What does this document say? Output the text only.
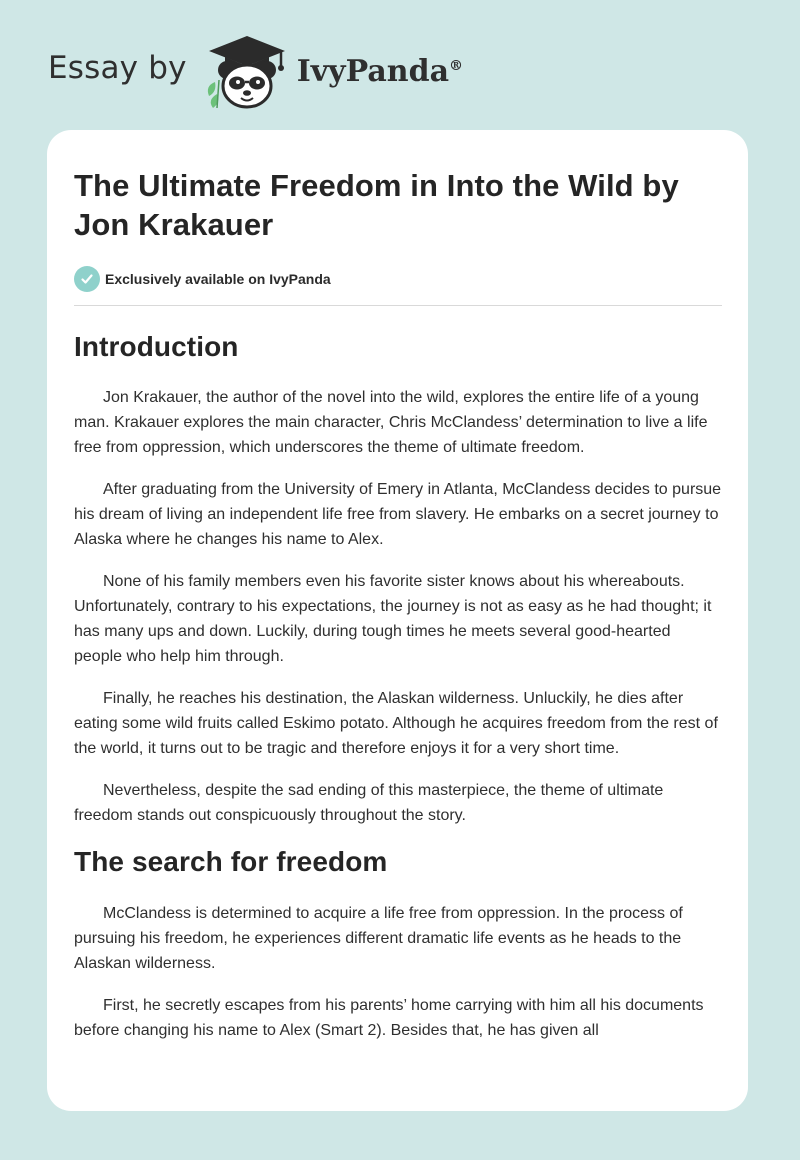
Essay by	IvyPanda®
The Ultimate Freedom in Into the Wild by Jon Krakauer
Exclusively available on IvyPanda
Introduction

Jon Krakauer, the author of the novel into the wild, explores the entire life of a young man. Krakauer explores the main character, Chris McClandess’ determination to live a life free from oppression, which underscores the theme of ultimate freedom.

After graduating from the University of Emery in Atlanta, McClandess decides to pursue his dream of living an independent life free from slavery. He embarks on a secret journey to Alaska where he changes his name to Alex.

None of his family members even his favorite sister knows about his whereabouts. Unfortunately, contrary to his expectations, the journey is not as easy as he had thought; it has many ups and down. Luckily, during tough times he meets several good-hearted people who help him through.

Finally, he reaches his destination, the Alaskan wilderness. Unluckily, he dies after eating some wild fruits called Eskimo potato. Although he acquires freedom from the rest of the world, it turns out to be tragic and therefore enjoys it for a very short time.

Nevertheless, despite the sad ending of this masterpiece, the theme of ultimate freedom stands out conspicuously throughout the story.

The search for freedom

McClandess is determined to acquire a life free from oppression. In the process of pursuing his freedom, he experiences different dramatic life events as he heads to the Alaskan wilderness.

First, he secretly escapes from his parents’ home carrying with him all his documents before changing his name to Alex (Smart 2). Besides that, he has given all
